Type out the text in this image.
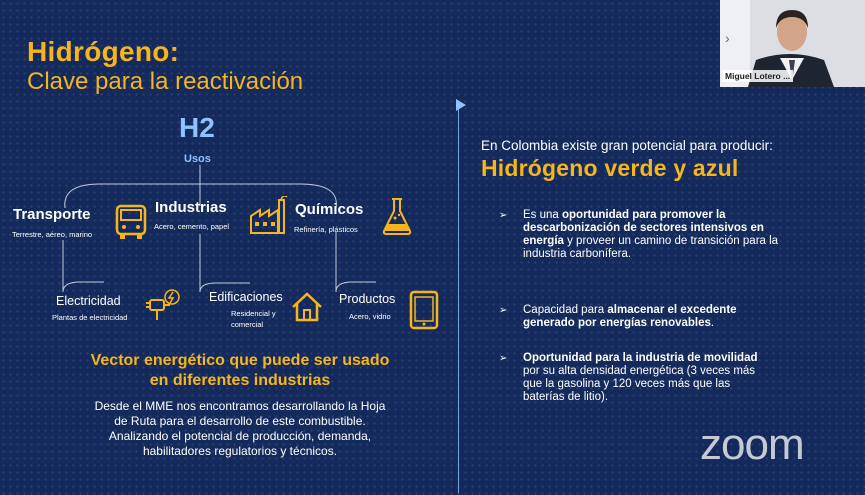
Hidrógeno:
Clave para la reactivación
H2
Usos
Transporte
Terrestre, aéreo, marino
Industrias
Acero, cemento, papel
Químicos
Refinería, plásticos
Electricidad
Plantas de electricidad
Edificaciones
Residencial y
comercial
Productos
Acero, vidrio
Vector energético que puede ser usado
en diferentes industrias
Desde el MME nos encontramos desarrollando la Hoja
de Ruta para el desarrollo de este combustible.
Analizando el potencial de producción, demanda,
habilitadores regulatorios y técnicos.
En Colombia existe gran potencial para producir:
Hidrógeno verde y azul
➢ Es una oportunidad para promover la descarbonización de sectores intensivos en energía y proveer un camino de transición para la industria carbonífera.
➢ Capacidad para almacenar el excedente generado por energías renovables.
➢ Oportunidad para la industria de movilidad por su alta densidad energética (3 veces más que la gasolina y 120 veces más que las baterías de litio).
zoom
›
Miguel Lotero ...
